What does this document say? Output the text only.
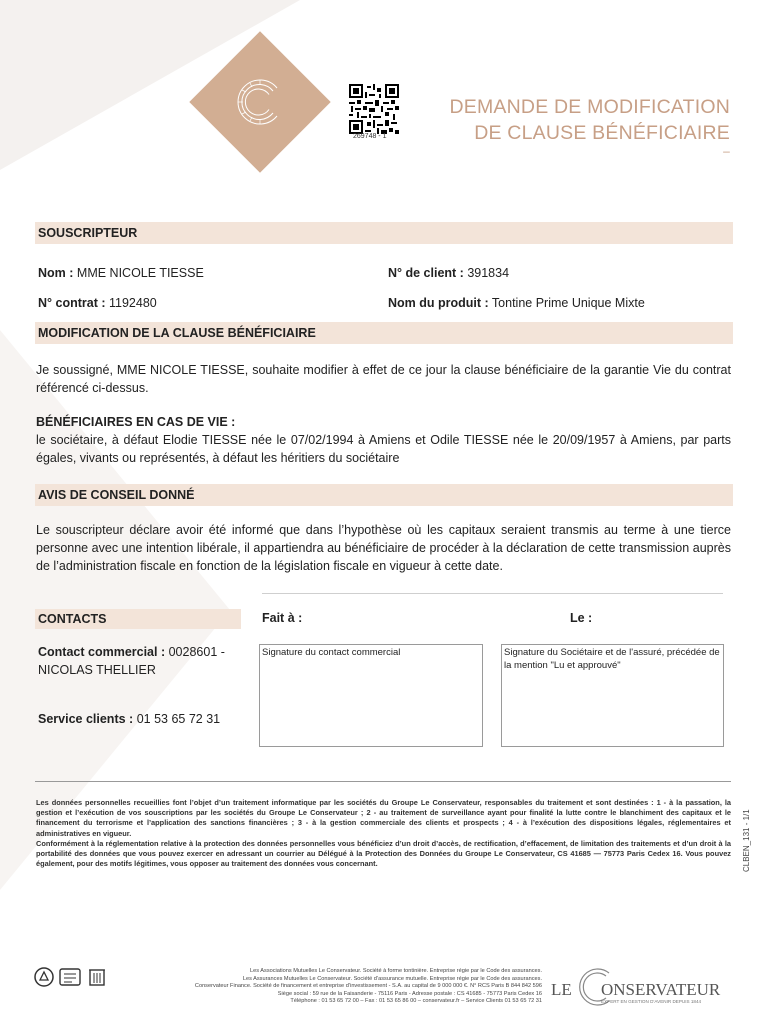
269748 - 1
DEMANDE DE MODIFICATION
DE CLAUSE BÉNÉFICIAIRE
–
SOUSCRIPTEUR
Nom : MME NICOLE TIESSE	N° de client : 391834
N° contrat : 1192480	Nom du produit : Tontine Prime Unique Mixte
MODIFICATION DE LA CLAUSE BÉNÉFICIAIRE
Je soussigné, MME NICOLE TIESSE, souhaite modifier à effet de ce jour la clause bénéficiaire de la garantie Vie du contrat référencé ci-dessus.
BÉNÉFICIAIRES EN CAS DE VIE :
le sociétaire, à défaut Elodie TIESSE née le 07/02/1994 à Amiens et Odile TIESSE née le 20/09/1957 à Amiens, par parts égales, vivants ou représentés, à défaut les héritiers du sociétaire
AVIS DE CONSEIL DONNÉ
Le souscripteur déclare avoir été informé que dans l’hypothèse où les capitaux seraient transmis au terme à une tierce personne avec une intention libérale, il appartiendra au bénéficiaire de procéder à la déclaration de cette transmission auprès de l’administration fiscale en fonction de la législation fiscale en vigueur à cette date.
CONTACTS	Fait à :	Le :
Contact commercial : 0028601 - NICOLAS THELLIER
Service clients : 01 53 65 72 31
Signature du contact commercial	Signature du Sociétaire et de l'assuré, précédée de la mention "Lu et approuvé"
Les données personnelles recueillies font l’objet d’un traitement informatique par les sociétés du Groupe Le Conservateur, responsables du traitement et sont destinées : 1 - à la passation, la gestion et l’exécution de vos souscriptions par les sociétés du Groupe Le Conservateur ; 2 - au traitement de surveillance ayant pour finalité la lutte contre le blanchiment des capitaux et le financement du terrorisme et l’application des sanctions financières ; 3 - à la gestion commerciale des clients et prospects ; 4 - à l’exécution des dispositions légales, réglementaires et administratives en vigueur.
Conformément à la réglementation relative à la protection des données personnelles vous bénéficiez d’un droit d’accès, de rectification, d’effacement, de limitation des traitements et d’un droit à la portabilité des données que vous pouvez exercer en adressant un courrier au Délégué à la Protection des Données du Groupe Le Conservateur, CS 41685 — 75773 Paris Cedex 16. Vous pouvez également, pour des motifs légitimes, vous opposer au traitement des données vous concernant.	CLBEN_131 - 1/1
Les Associations Mutuelles Le Conservateur. Société à forme tontinière. Entreprise régie par le Code des assurances.
Les Assurances Mutuelles Le Conservateur. Société d’assurance mutuelle. Entreprise régie par le Code des assurances.
Conservateur Finance. Société de financement et entreprise d’investissement - S.A. au capital de 9 000 000 €. N° RCS Paris B 844 842 596
Siège social : 59 rue de la Faisanderie - 75116 Paris - Adresse postale : CS 41685 - 75773 Paris Cedex 16
Téléphone : 01 53 65 72 00 – Fax : 01 53 65 86 00 – conservateur.fr – Service Clients 01 53 65 72 31
LE ONSERVATEUR
EXPERT EN GESTION D’AVENIR DEPUIS 1844
